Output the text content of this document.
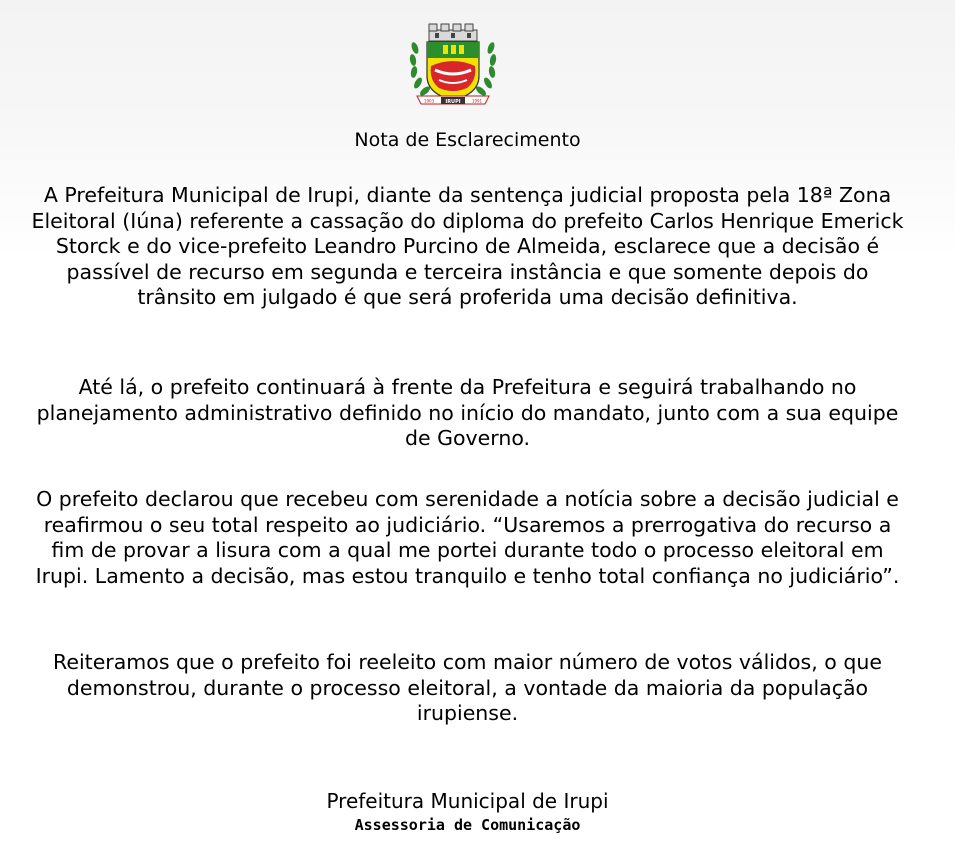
IRUPI
1903	1991
Nota de Esclarecimento
A Prefeitura Municipal de Irupi, diante da sentença judicial proposta pela 18ª Zona Eleitoral (Iúna) referente a cassação do diploma do prefeito Carlos Henrique Emerick Storck e do vice-prefeito Leandro Purcino de Almeida, esclarece que a decisão é passível de recurso em segunda e terceira instância e que somente depois do trânsito em julgado é que será proferida uma decisão definitiva.
Até lá, o prefeito continuará à frente da Prefeitura e seguirá trabalhando no planejamento administrativo definido no início do mandato, junto com a sua equipe de Governo.
O prefeito declarou que recebeu com serenidade a notícia sobre a decisão judicial e reafirmou o seu total respeito ao judiciário. “Usaremos a prerrogativa do recurso a fim de provar a lisura com a qual me portei durante todo o processo eleitoral em Irupi. Lamento a decisão, mas estou tranquilo e tenho total confiança no judiciário”.
Reiteramos que o prefeito foi reeleito com maior número de votos válidos, o que demonstrou, durante o processo eleitoral, a vontade da maioria da população irupiense.
Prefeitura Municipal de Irupi
Assessoria de Comunicação
